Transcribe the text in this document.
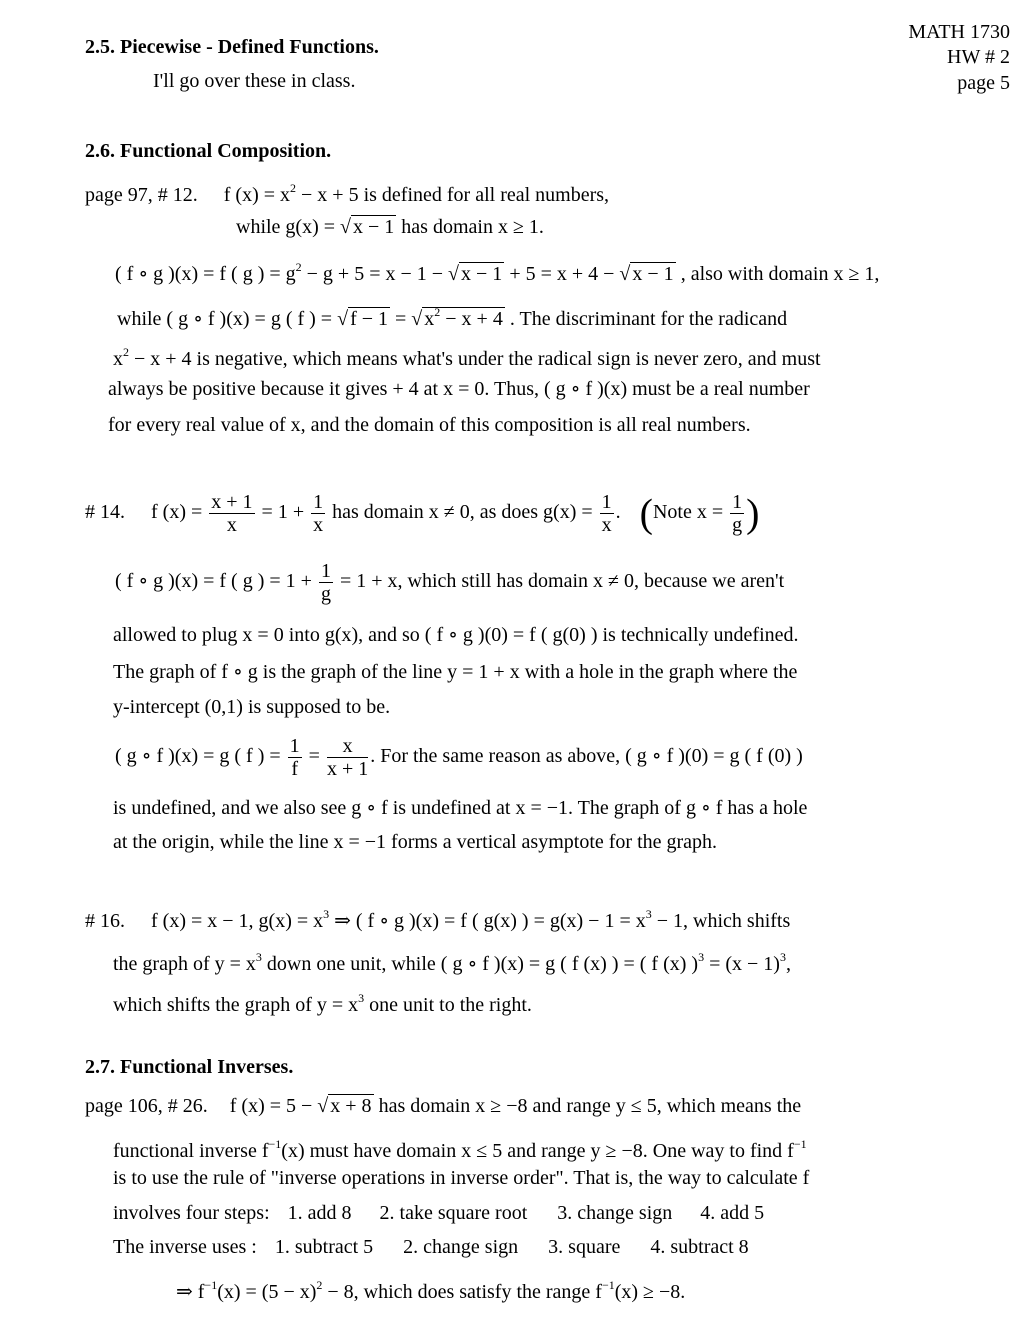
MATH 1730
HW # 2
page 5
2.5. Piecewise - Defined Functions.
I'll go over these in class.
2.6. Functional Composition.
page 97, # 12. f $(x) = x^2 - x + 5$ is defined for all real numbers,
while g(x) = √ x − 1 has domain x ≥ 1.
( f ∘ g )(x) = f ( g ) = $g^2 - g + 5 = x - 1$ − √ x − 1 + 5 = x + 4 − √ x − 1 , also with domain x ≥ 1,
while ( g ∘ f )(x) = g ( f ) = √ f − 1 = √ $x^2 - x + 4$ . The discriminant for the radicand
$x^2 - x + 4$ is negative, which means what's under the radical sign is never zero, and must
always be positive because it gives + 4 at x = 0. Thus, ( g ∘ f )(x) must be a real number
for every real value of x, and the domain of this composition is all real numbers.
# 14. f $(x) = \frac{x + 1}{x} = 1 + \frac{1}{x}$ has domain x ≠ 0, as does $g(x) = \frac{1}{x}$ . (Note $x = \frac{1}{g}$ )
( f ∘ g )(x) = f ( g ) = $1 + \frac{1}{g} = 1 + x$, which still has domain x ≠ 0, because we aren't
allowed to plug x = 0 into g(x), and so ( f ∘ g )(0) = f ( g(0) ) is technically undefined.
The graph of f ∘ g is the graph of the line y = 1 + x with a hole in the graph where the
y-intercept (0,1) is supposed to be.
( g ∘ f )(x) = g ( f ) = $\frac{1}{f} = \frac{x}{x + 1}$ . For the same reason as above, ( g ∘ f )(0) = g ( f (0) )
is undefined, and we also see g ∘ f is undefined at x = −1. The graph of g ∘ f has a hole
at the origin, while the line x = −1 forms a vertical asymptote for the graph.
# 16. f (x) = x − 1, $g(x) = x^3$ ⇒ ( f ∘ g )(x) = f ( g(x) ) = $g(x) - 1 = x^3 - 1$, which shifts
the graph of $y = x^3$ down one unit, while ( g ∘ f )(x) = g ( f (x) ) = ( f (x) )$^3 = (x - 1)^3$,
which shifts the graph of $y = x^3$ one unit to the right.
2.7. Functional Inverses.
page 106, # 26. f (x) = 5 − √ x + 8 has domain x ≥ −8 and range y ≤ 5, which means the
functional inverse $f^{-1}(x)$ must have domain x ≤ 5 and range y ≥ −8. One way to find $f^{-1}$
is to use the rule of "inverse operations in inverse order". That is, the way to calculate f
involves four steps: 1. add 8 2. take square root 3. change sign 4. add 5
The inverse uses : 1. subtract 5 2. change sign 3. square 4. subtract 8
⇒ $f^{-1}(x) = (5 - x)^2 - 8$, which does satisfy the range $f^{-1}(x) \ge -8$.
